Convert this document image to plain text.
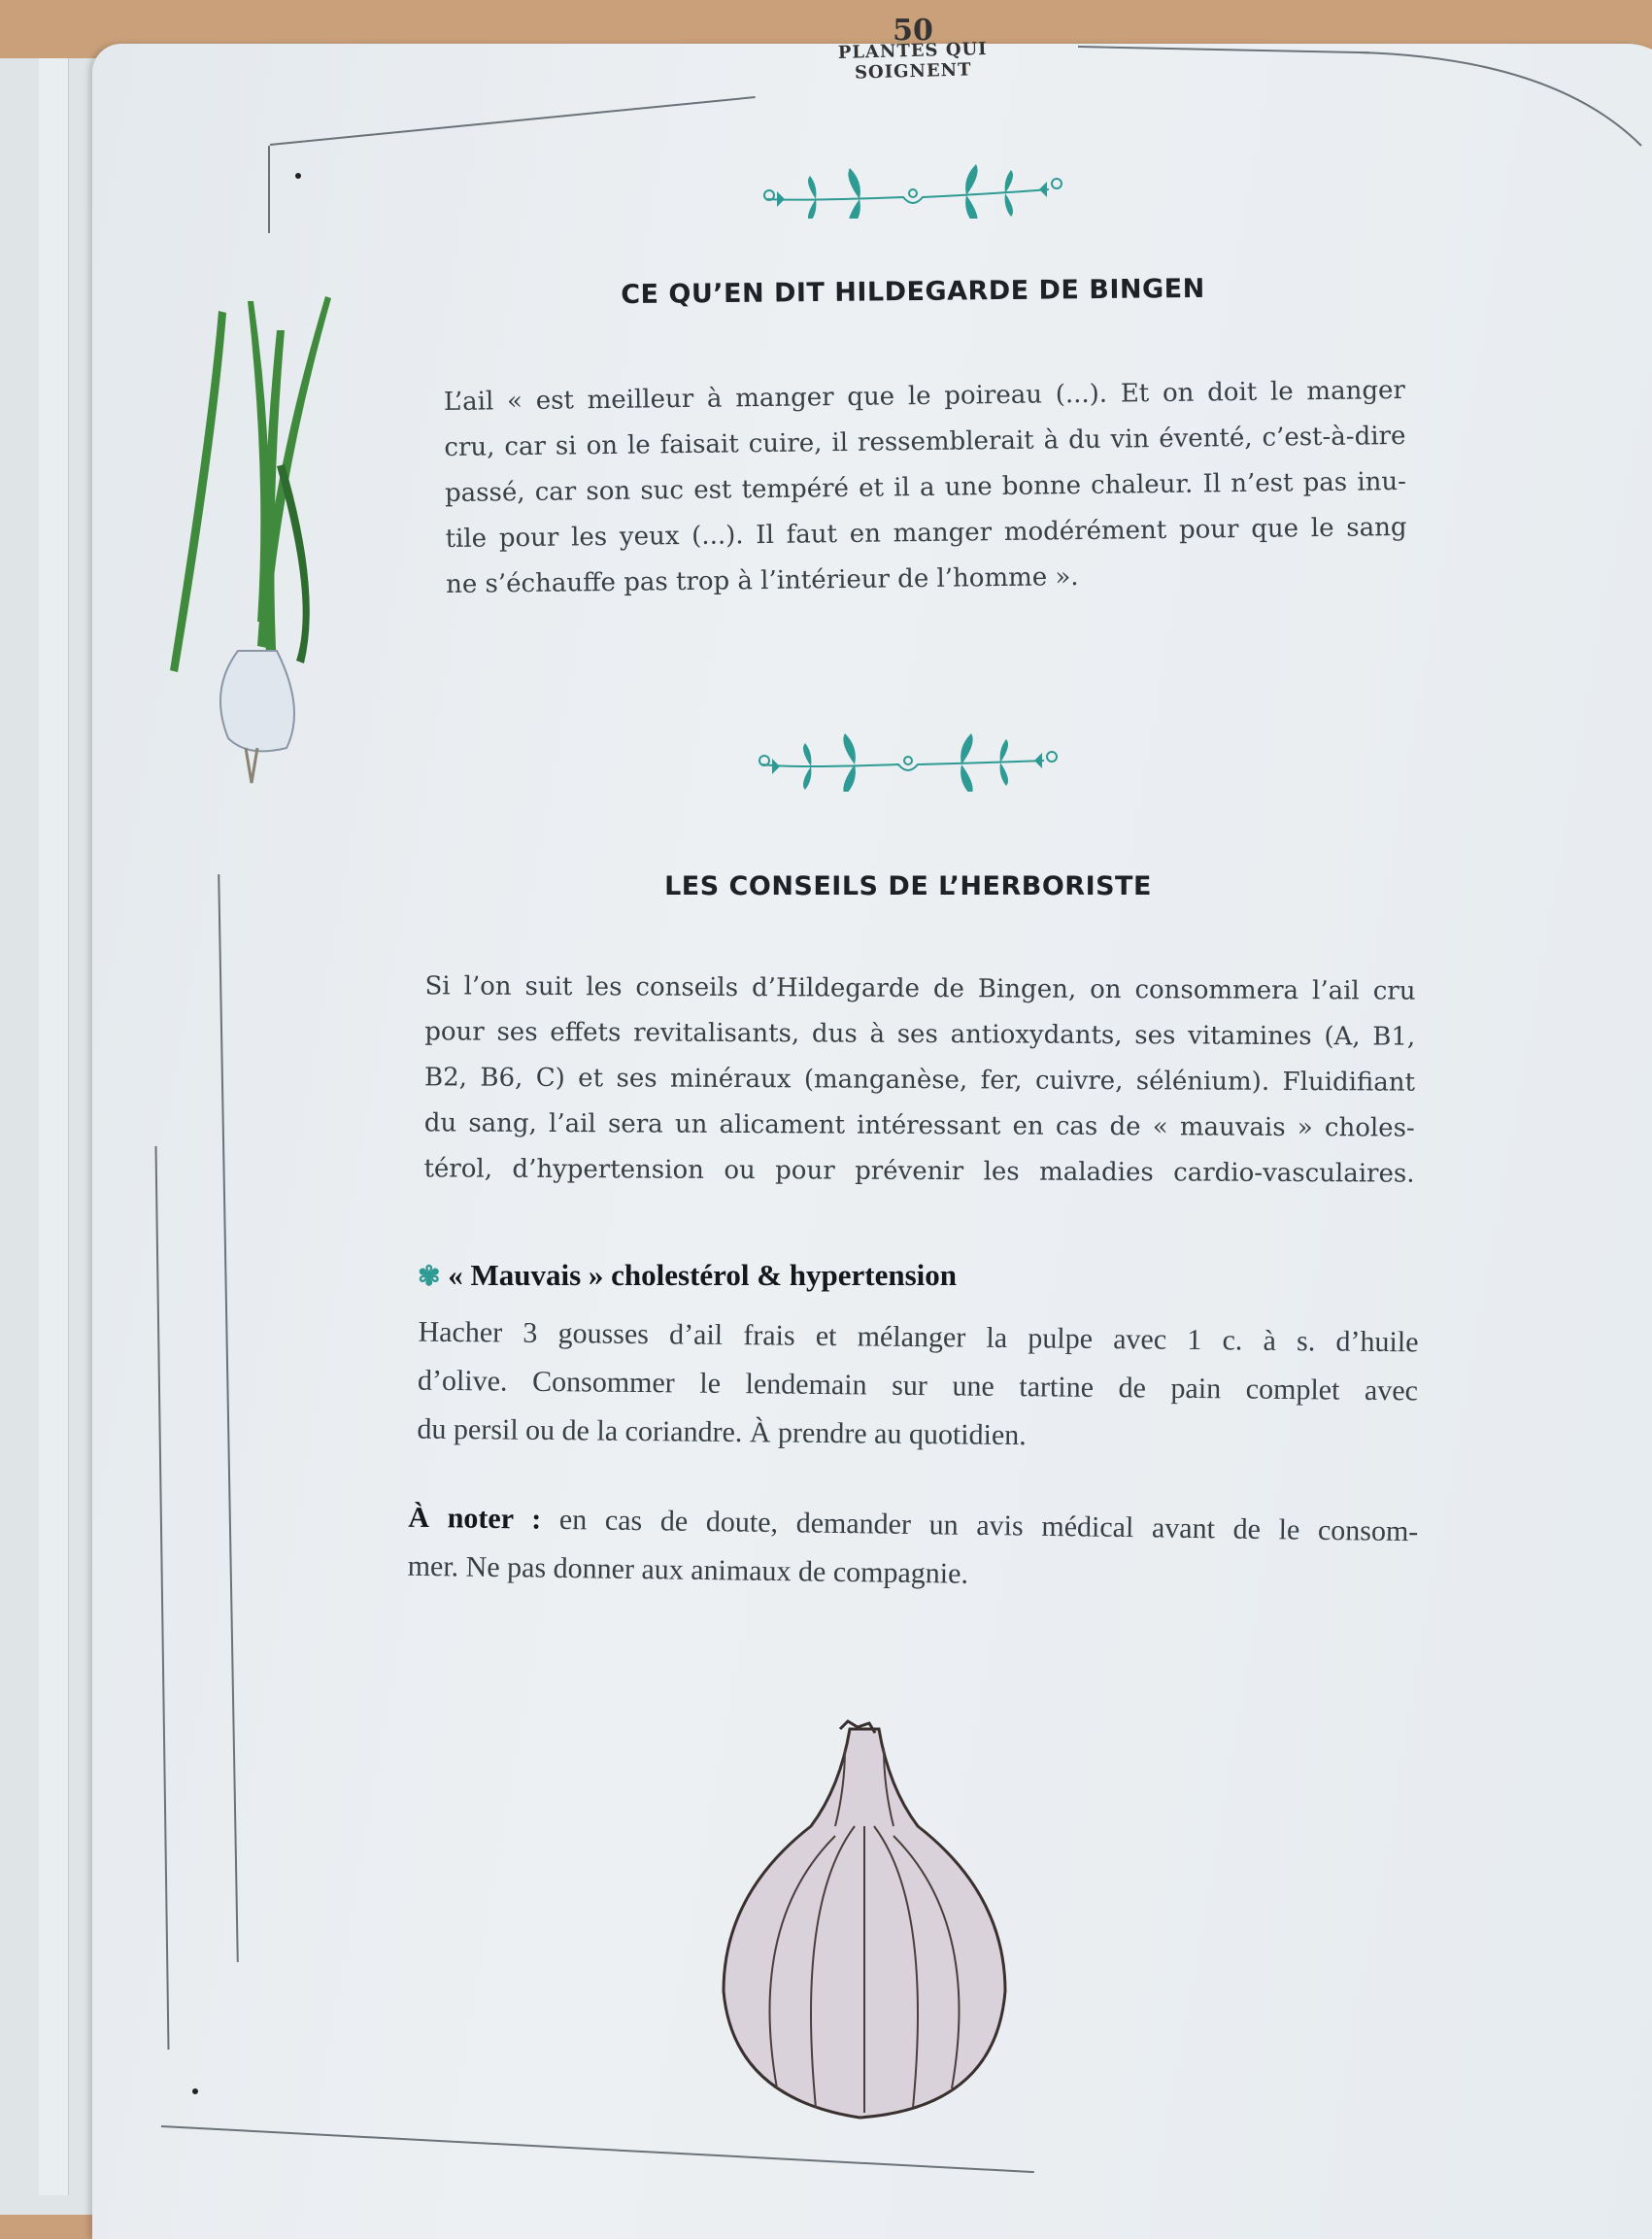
50
PLANTES QUI SOIGNENT
CE QU’EN DIT HILDEGARDE DE BINGEN
L’ail « est meilleur à manger que le poireau (...). Et on doit le manger
cru, car si on le faisait cuire, il ressemblerait à du vin éventé, c’est-à-dire
passé, car son suc est tempéré et il a une bonne chaleur. Il n’est pas inu-
tile pour les yeux (...). Il faut en manger modérément pour que le sang
ne s’échauffe pas trop à l’intérieur de l’homme ».
LES CONSEILS DE L’HERBORISTE
Si l’on suit les conseils d’Hildegarde de Bingen, on consommera l’ail cru
pour ses effets revitalisants, dus à ses antioxydants, ses vitamines (A, B1,
B2, B6, C) et ses minéraux (manganèse, fer, cuivre, sélénium). Fluidifiant
du sang, l’ail sera un alicament intéressant en cas de « mauvais » choles-
térol, d’hypertension ou pour prévenir les maladies cardio-vasculaires.
✾ « Mauvais » cholestérol & hypertension
Hacher 3 gousses d’ail frais et mélanger la pulpe avec 1 c. à s. d’huile
d’olive. Consommer le lendemain sur une tartine de pain complet avec
du persil ou de la coriandre. À prendre au quotidien.
À noter : en cas de doute, demander un avis médical avant de le consom-
mer. Ne pas donner aux animaux de compagnie.
